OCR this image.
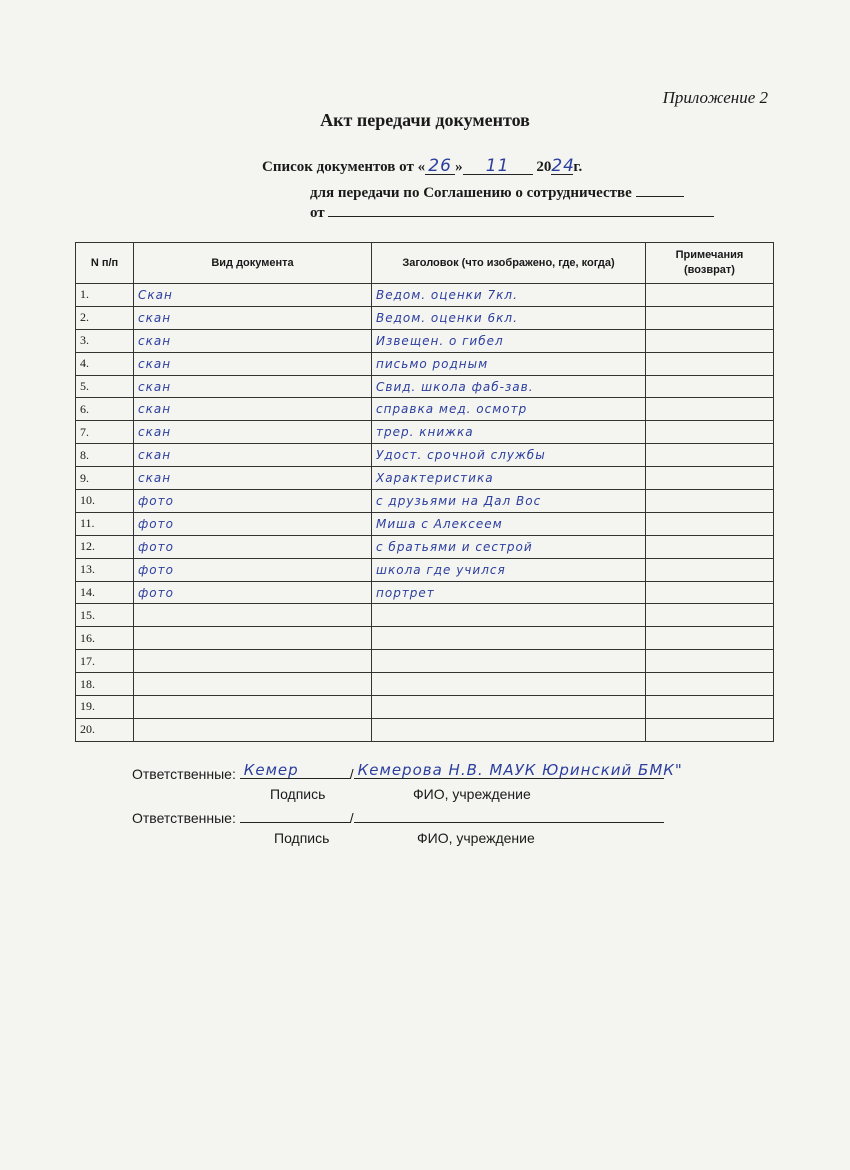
Приложение 2
Акт передачи документов
Список документов от « 26 » 11 2024г.
для передачи по Соглашению о сотрудничестве
от
N п/п	Вид документа	Заголовок (что изображено, где, когда)	Примечания (возврат)
1.	Скан	Ведом. оценки 7кл.	
2.	скан	Ведом. оценки 6кл.	
3.	скан	Извещен. о гибел	
4.	скан	письмо родным	
5.	скан	Свид. школа фаб-зав.	
6.	скан	справка мед. осмотр	
7.	скан	трер. книжка	
8.	скан	Удост. срочной службы	
9.	скан	Характеристика	
10.	фото	с друзьями на Дал Вос	
11.	фото	Миша с Алексеем	
12.	фото	с братьями и сестрой	
13.	фото	школа где учился	
14.	фото	портрет	
15.			
16.			
17.			
18.			
19.			
20.			
Ответственные: Кемер	/ Кемерова Н.В. МАУК Юринский БМК"
Подпись	ФИО, учреждение
Ответственные:	/
Подпись	ФИО, учреждение
